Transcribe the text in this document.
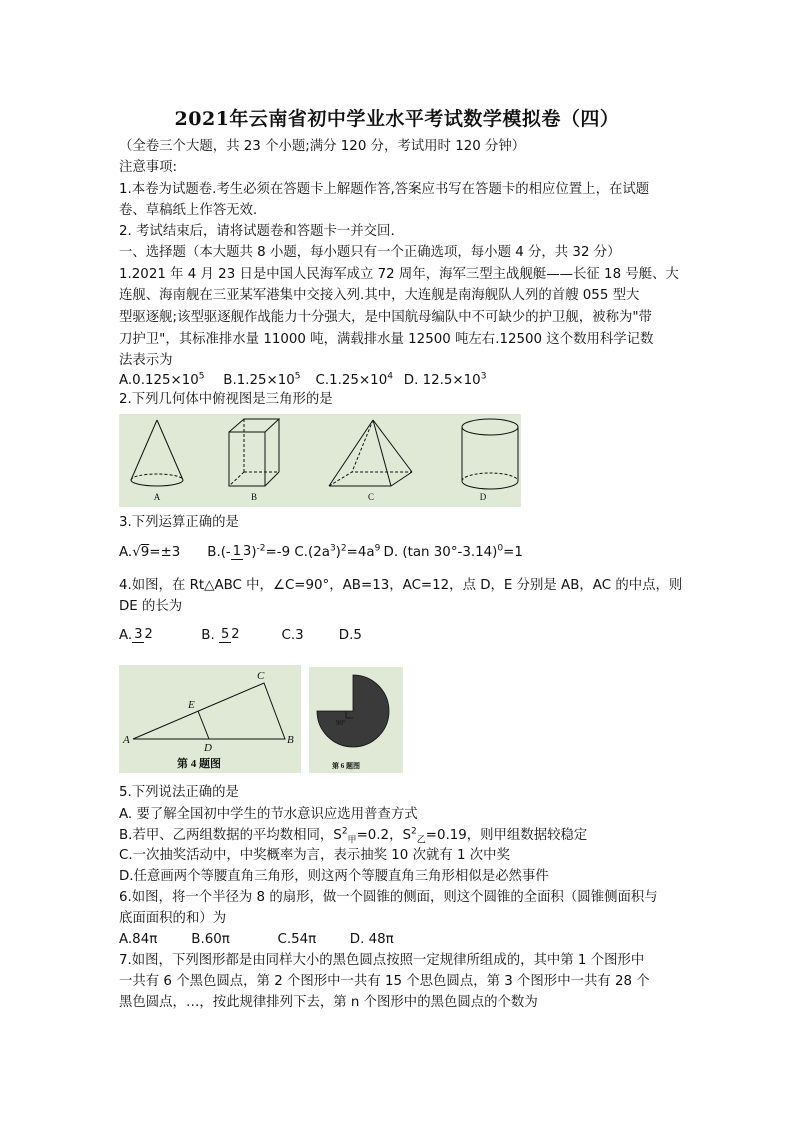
2021年云南省初中学业水平考试数学模拟卷（四）
（全卷三个大题，共 23 个小题;满分 120 分，考试用时 120 分钟）
注意事项:
1.本卷为试题卷.考生必须在答题卡上解题作答,答案应书写在答题卡的相应位置上，在试题
卷、草稿纸上作答无效.
2. 考试结束后，请将试题卷和答题卡一并交回.
一、选择题（本大题共 8 小题，每小题只有一个正确选项，每小题 4 分，共 32 分）
1.2021 年 4 月 23 日是中国人民海军成立 72 周年，海军三型主战舰艇——长征 18 号艇、大
连舰、海南舰在三亚某军港集中交接入列.其中，大连舰是南海舰队人列的首艘 055 型大
型驱逐舰;该型驱逐舰作战能力十分强大，是中国航母编队中不可缺少的护卫舰，被称为"带
刀护卫"，其标准排水量 11000 吨，满载排水量 12500 吨左右.12500 这个数用科学记数
法表示为
$A.0.125\times 10^5$ $B.1.25\times 10^5$ $C.1.25\times 10^4$ D. $12.5\times 10^3$
2.下列几何体中俯视图是三角形的是
A	B	C	D
3.下列运算正确的是
A.√9=±3 B.(- 1 3)$^{-2}$=-9 $C.(2a^3)^2=4a^9$ D. (tan 30°-3.14)$^0$=1
4.如图，在 Rt△ABC 中，∠C=90°，AB=13，AC=12，点 D，E 分别是 AB，AC 的中点，则
DE 的长为
A. 3 2	B. 5 2	C.3	D.5
A	B
C
D
E
第 4 题图
90°
第 6 题图
5.下列说法正确的是
A. 要了解全国初中学生的节水意识应选用普查方式
B.若甲、乙两组数据的平均数相同，$S^2_甲=0.2$，$S^2_乙=0.19$，则甲组数据较稳定
C.一次抽奖活动中，中奖概率为言，表示抽奖 10 次就有 1 次中奖
D.任意画两个等腰直角三角形，则这两个等腰直角三角形相似是必然事件
6.如图，将一个半径为 8 的扇形，做一个圆锥的侧面，则这个圆锥的全面积（圆锥侧面积与
底面面积的和）为
A.84π	B.60π	C.54π	D. 48π
7.如图，下列图形都是由同样大小的黑色圆点按照一定规律所组成的，其中第 1 个图形中
一共有 6 个黑色圆点，第 2 个图形中一共有 15 个思色圆点，第 3 个图形中一共有 28 个
黑色圆点，…，按此规律排列下去，第 n 个图形中的黑色圆点的个数为
